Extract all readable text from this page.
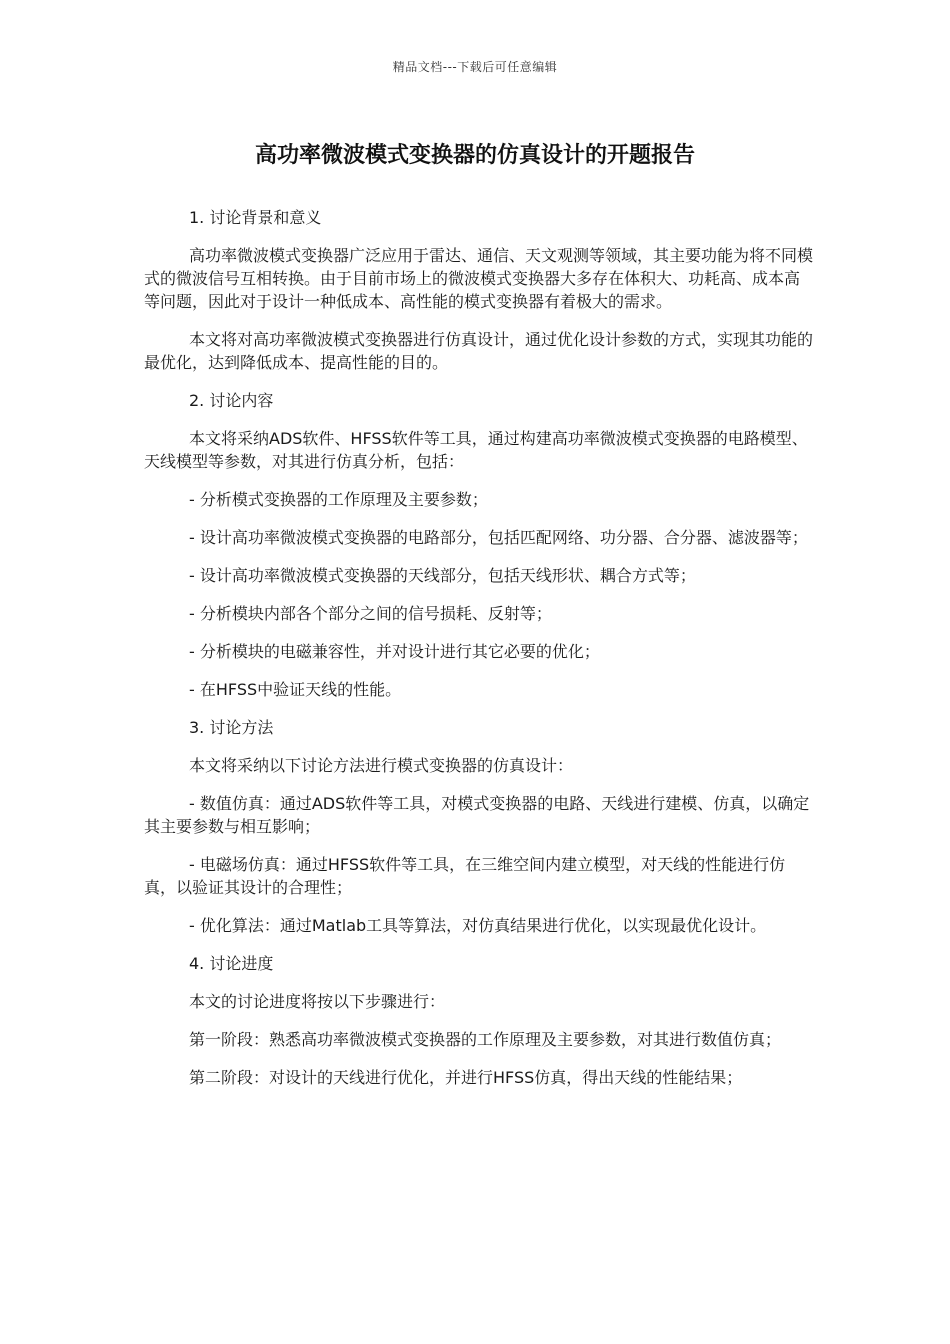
精品文档---下载后可任意编辑
高功率微波模式变换器的仿真设计的开题报告

1. 讨论背景和意义

高功率微波模式变换器广泛应用于雷达、通信、天文观测等领域，其主要功能为将不同模式的微波信号互相转换。由于目前市场上的微波模式变换器大多存在体积大、功耗高、成本高等问题，因此对于设计一种低成本、高性能的模式变换器有着极大的需求。

本文将对高功率微波模式变换器进行仿真设计，通过优化设计参数的方式，实现其功能的最优化，达到降低成本、提高性能的目的。

2. 讨论内容

本文将采纳ADS软件、HFSS软件等工具，通过构建高功率微波模式变换器的电路模型、天线模型等参数，对其进行仿真分析，包括：

- 分析模式变换器的工作原理及主要参数；

- 设计高功率微波模式变换器的电路部分，包括匹配网络、功分器、合分器、滤波器等；

- 设计高功率微波模式变换器的天线部分，包括天线形状、耦合方式等；

- 分析模块内部各个部分之间的信号损耗、反射等；

- 分析模块的电磁兼容性，并对设计进行其它必要的优化；

- 在HFSS中验证天线的性能。

3. 讨论方法

本文将采纳以下讨论方法进行模式变换器的仿真设计：

- 数值仿真：通过ADS软件等工具，对模式变换器的电路、天线进行建模、仿真，以确定其主要参数与相互影响；

- 电磁场仿真：通过HFSS软件等工具，在三维空间内建立模型，对天线的性能进行仿真，以验证其设计的合理性；

- 优化算法：通过Matlab工具等算法，对仿真结果进行优化，以实现最优化设计。

4. 讨论进度

本文的讨论进度将按以下步骤进行：

第一阶段：熟悉高功率微波模式变换器的工作原理及主要参数，对其进行数值仿真；

第二阶段：对设计的天线进行优化，并进行HFSS仿真，得出天线的性能结果；
